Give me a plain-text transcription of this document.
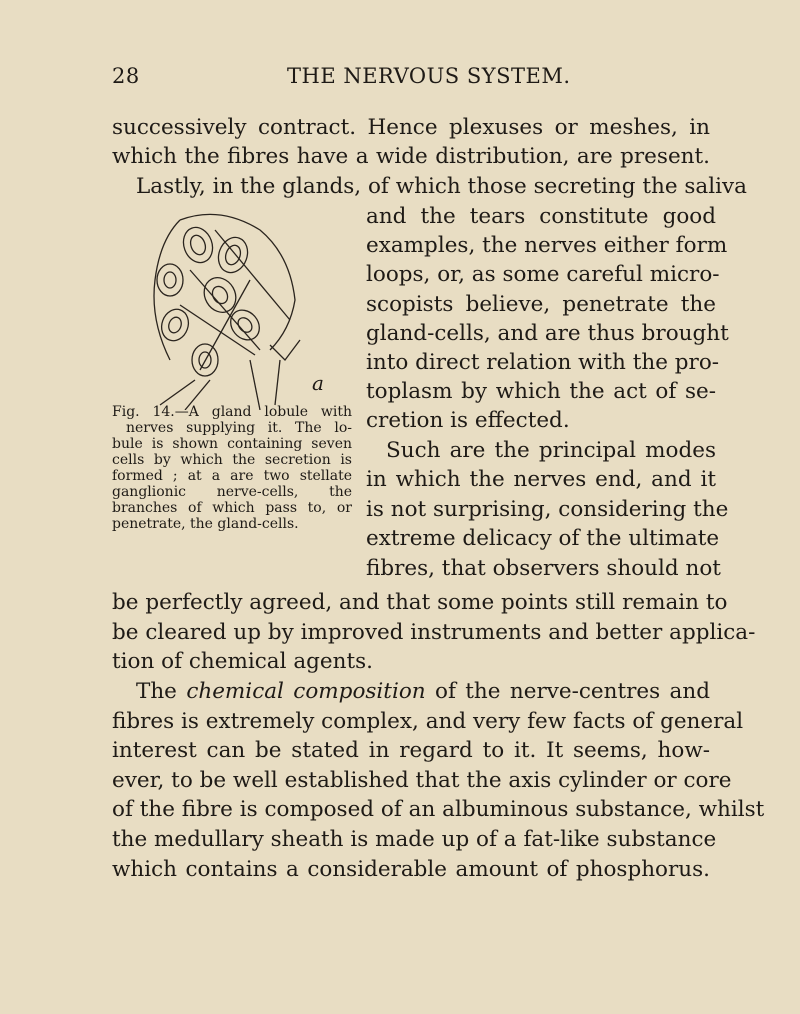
28	THE NERVOUS SYSTEM.
successively contract. Hence plexuses or meshes, in
which the fibres have a wide distribution, are present.
Lastly, in the glands, of which those secreting the saliva
and the tears constitute good
examples, the nerves either form
loops, or, as some careful micro-
scopists believe, penetrate the
gland-cells, and are thus brought
into direct relation with the pro-
toplasm by which the act of se-
cretion is effected.
Such are the principal modes
in which the nerves end, and it
is not surprising, considering the
extreme delicacy of the ultimate
fibres, that observers should not
a
Fig. 14.—A gland lobule with
nerves supplying it. The lo-
bule is shown containing seven
cells by which the secretion is
formed ; at a are two stellate
ganglionic nerve-cells, the
branches of which pass to, or
penetrate, the gland-cells.
be perfectly agreed, and that some points still remain to
be cleared up by improved instruments and better applica-
tion of chemical agents.
The chemical composition of the nerve-centres and
fibres is extremely complex, and very few facts of general
interest can be stated in regard to it. It seems, how-
ever, to be well established that the axis cylinder or core
of the fibre is composed of an albuminous substance, whilst
the medullary sheath is made up of a fat-like substance
which contains a considerable amount of phosphorus.
